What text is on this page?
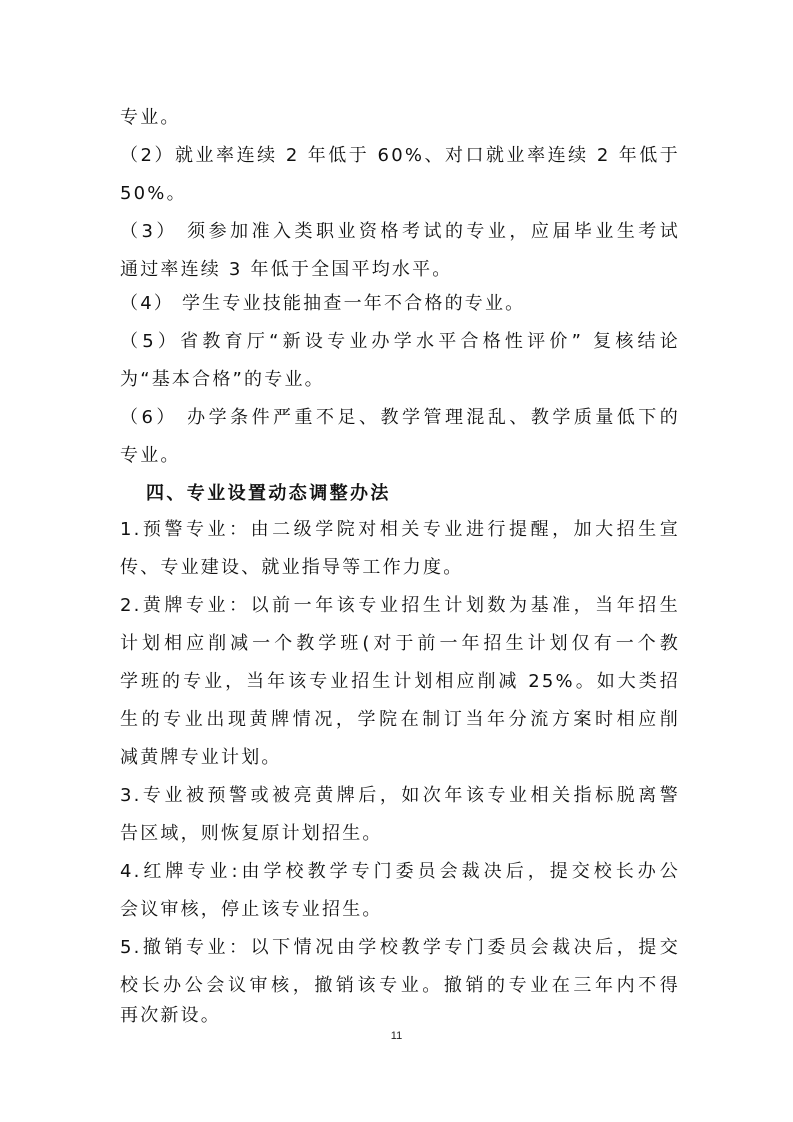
专业。
（2）就业率连续 2 年低于 60%、对口就业率连续 2 年低于
50%。
（3） 须参加准入类职业资格考试的专业，应届毕业生考试
通过率连续 3 年低于全国平均水平。
（4） 学生专业技能抽查一年不合格的专业。
（5）省教育厅“新设专业办学水平合格性评价” 复核结论
为“基本合格”的专业。
（6） 办学条件严重不足、教学管理混乱、教学质量低下的
专业。
四、专业设置动态调整办法
1.预警专业：由二级学院对相关专业进行提醒，加大招生宣
传、专业建设、就业指导等工作力度。
2.黄牌专业：以前一年该专业招生计划数为基准，当年招生
计划相应削减一个教学班(对于前一年招生计划仅有一个教
学班的专业，当年该专业招生计划相应削减 25%。如大类招
生的专业出现黄牌情况，学院在制订当年分流方案时相应削
减黄牌专业计划。
3.专业被预警或被亮黄牌后，如次年该专业相关指标脱离警
告区域，则恢复原计划招生。
4.红牌专业:由学校教学专门委员会裁决后，提交校长办公
会议审核，停止该专业招生。
5.撤销专业：以下情况由学校教学专门委员会裁决后，提交
校长办公会议审核，撤销该专业。撤销的专业在三年内不得
再次新设。
11
